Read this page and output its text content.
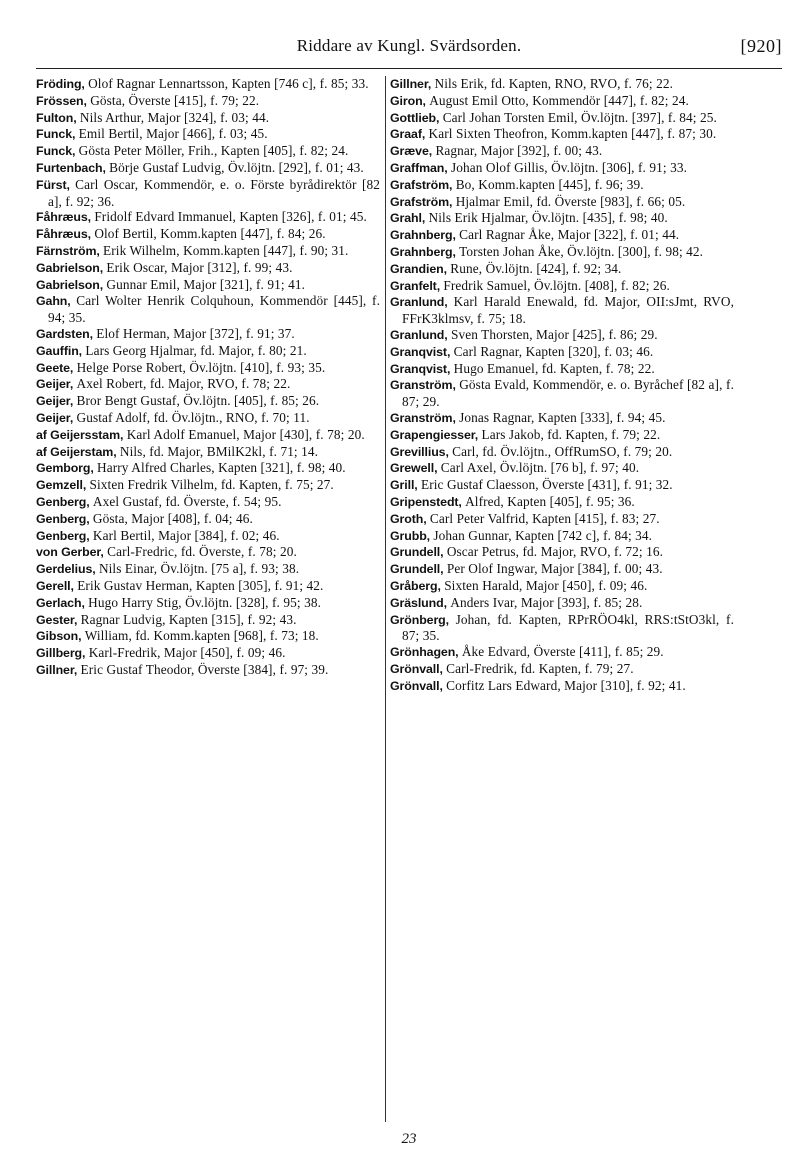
Riddare av Kungl. Svärdsorden.	[920]

Fröding, Olof Ragnar Lennartsson, Kapten [746 c], f. 85; 33.

Frössen, Gösta, Överste [415], f. 79; 22.

Fulton, Nils Arthur, Major [324], f. 03; 44.

Funck, Emil Bertil, Major [466], f. 03; 45.

Funck, Gösta Peter Möller, Frih., Kapten [405], f. 82; 24.

Furtenbach, Börje Gustaf Ludvig, Öv.löjtn. [292], f. 01; 43.

Fürst, Carl Oscar, Kommendör, e. o. Förste byrådirektör [82 a], f. 92; 36.

Fåhræus, Fridolf Edvard Immanuel, Kapten [326], f. 01; 45.

Fåhræus, Olof Bertil, Komm.kapten [447], f. 84; 26.

Färnström, Erik Wilhelm, Komm.kapten [447], f. 90; 31.

Gabrielson, Erik Oscar, Major [312], f. 99; 43.

Gabrielson, Gunnar Emil, Major [321], f. 91; 41.

Gahn, Carl Wolter Henrik Colquhoun, Kommendör [445], f. 94; 35.

Gardsten, Elof Herman, Major [372], f. 91; 37.

Gauffin, Lars Georg Hjalmar, fd. Major, f. 80; 21.

Geete, Helge Porse Robert, Öv.löjtn. [410], f. 93; 35.

Geijer, Axel Robert, fd. Major, RVO, f. 78; 22.

Geijer, Bror Bengt Gustaf, Öv.löjtn. [405], f. 85; 26.

Geijer, Gustaf Adolf, fd. Öv.löjtn., RNO, f. 70; 11.

af Geijersstam, Karl Adolf Emanuel, Major [430], f. 78; 20.

af Geijerstam, Nils, fd. Major, BMilK2kl, f. 71; 14.

Gemborg, Harry Alfred Charles, Kapten [321], f. 98; 40.

Gemzell, Sixten Fredrik Vilhelm, fd. Kapten, f. 75; 27.

Genberg, Axel Gustaf, fd. Överste, f. 54; 95.

Genberg, Gösta, Major [408], f. 04; 46.

Genberg, Karl Bertil, Major [384], f. 02; 46.

von Gerber, Carl-Fredric, fd. Överste, f. 78; 20.

Gerdelius, Nils Einar, Öv.löjtn. [75 a], f. 93; 38.

Gerell, Erik Gustav Herman, Kapten [305], f. 91; 42.

Gerlach, Hugo Harry Stig, Öv.löjtn. [328], f. 95; 38.

Gester, Ragnar Ludvig, Kapten [315], f. 92; 43.

Gibson, William, fd. Komm.kapten [968], f. 73; 18.

Gillberg, Karl-Fredrik, Major [450], f. 09; 46.

Gillner, Eric Gustaf Theodor, Överste [384], f. 97; 39.

Gillner, Nils Erik, fd. Kapten, RNO, RVO, f. 76; 22.

Giron, August Emil Otto, Kommendör [447], f. 82; 24.

Gottlieb, Carl Johan Torsten Emil, Öv.löjtn. [397], f. 84; 25.

Graaf, Karl Sixten Theofron, Komm.kapten [447], f. 87; 30.

Græve, Ragnar, Major [392], f. 00; 43.

Graffman, Johan Olof Gillis, Öv.löjtn. [306], f. 91; 33.

Grafström, Bo, Komm.kapten [445], f. 96; 39.

Grafström, Hjalmar Emil, fd. Överste [983], f. 66; 05.

Grahl, Nils Erik Hjalmar, Öv.löjtn. [435], f. 98; 40.

Grahnberg, Carl Ragnar Åke, Major [322], f. 01; 44.

Grahnberg, Torsten Johan Åke, Öv.löjtn. [300], f. 98; 42.

Grandien, Rune, Öv.löjtn. [424], f. 92; 34.

Granfelt, Fredrik Samuel, Öv.löjtn. [408], f. 82; 26.

Granlund, Karl Harald Enewald, fd. Major, OII:sJmt, RVO, FFrK3klmsv, f. 75; 18.

Granlund, Sven Thorsten, Major [425], f. 86; 29.

Granqvist, Carl Ragnar, Kapten [320], f. 03; 46.

Granqvist, Hugo Emanuel, fd. Kapten, f. 78; 22.

Granström, Gösta Evald, Kommendör, e. o. Byråchef [82 a], f. 87; 29.

Granström, Jonas Ragnar, Kapten [333], f. 94; 45.

Grapengiesser, Lars Jakob, fd. Kapten, f. 79; 22.

Grevillius, Carl, fd. Öv.löjtn., OffRumSO, f. 79; 20.

Grewell, Carl Axel, Öv.löjtn. [76 b], f. 97; 40.

Grill, Eric Gustaf Claesson, Överste [431], f. 91; 32.

Gripenstedt, Alfred, Kapten [405], f. 95; 36.

Groth, Carl Peter Valfrid, Kapten [415], f. 83; 27.

Grubb, Johan Gunnar, Kapten [742 c], f. 84; 34.

Grundell, Oscar Petrus, fd. Major, RVO, f. 72; 16.

Grundell, Per Olof Ingwar, Major [384], f. 00; 43.

Gråberg, Sixten Harald, Major [450], f. 09; 46.

Gräslund, Anders Ivar, Major [393], f. 85; 28.

Grönberg, Johan, fd. Kapten, RPrRÖO4kl, RRS:tStO3kl, f. 87; 35.

Grönhagen, Åke Edvard, Överste [411], f. 85; 29.

Grönvall, Carl-Fredrik, fd. Kapten, f. 79; 27.

Grönvall, Corfitz Lars Edward, Major [310], f. 92; 41.

23
